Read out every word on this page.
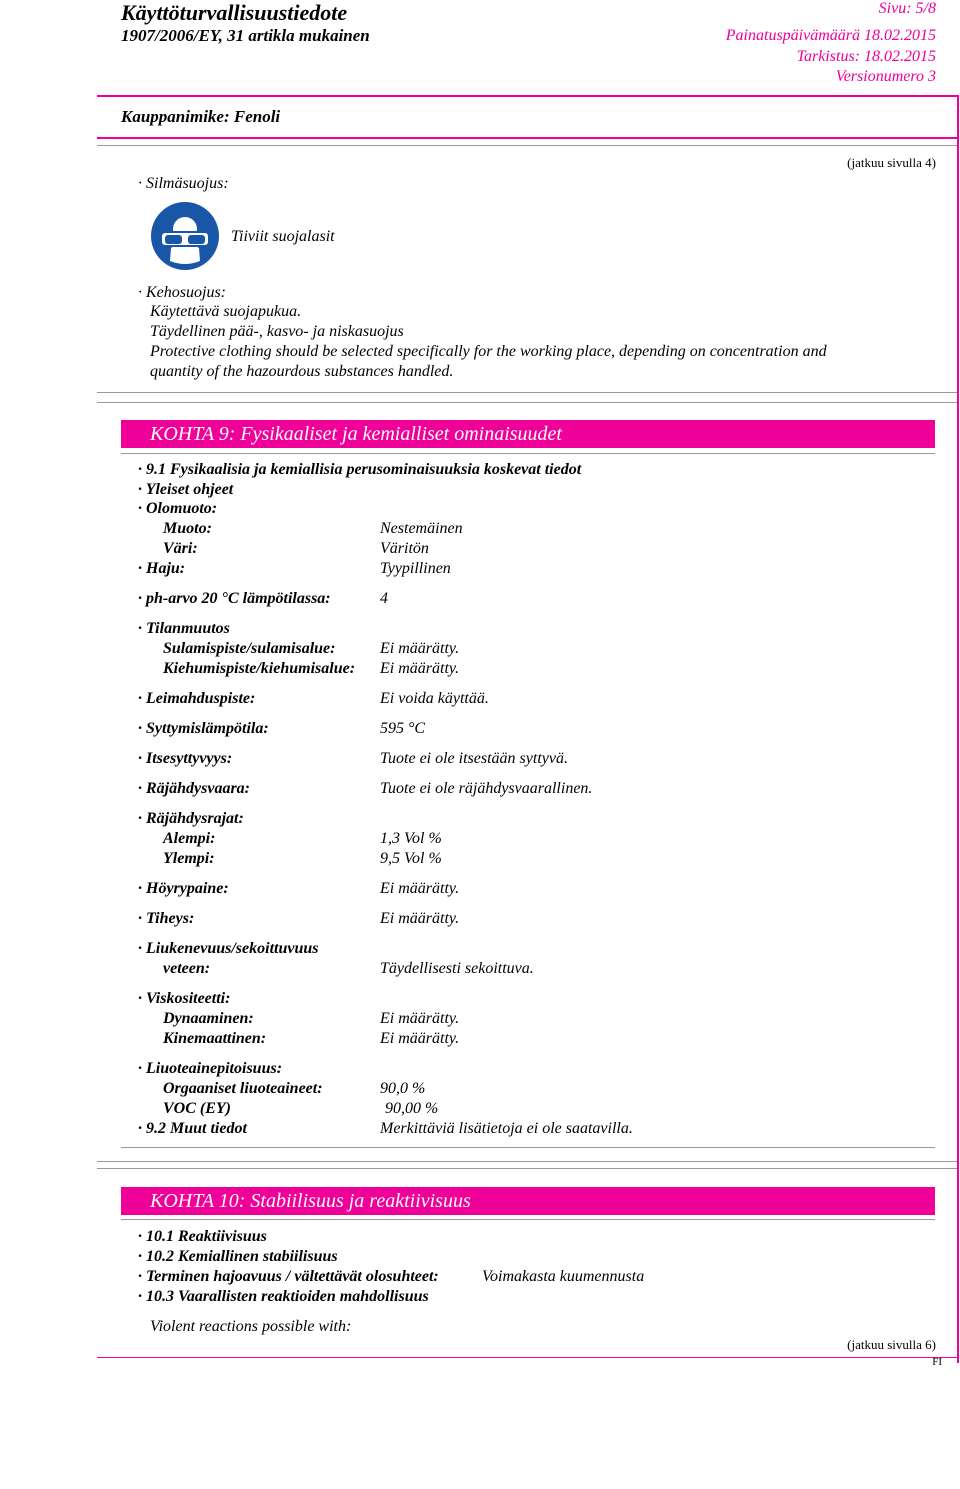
Käyttöturvallisuustiedote
1907/2006/EY, 31 artikla mukainen
Sivu: 5/8
Painatuspäivämäärä 18.02.2015
Tarkistus: 18.02.2015
Versionumero 3
Kauppanimike: Fenoli
(jatkuu sivulla 4)
· Silmäsuojus:
Tiiviit suojalasit
· Kehosuojus:
Käytettävä suojapukua.
Täydellinen pää-, kasvo- ja niskasuojus
Protective clothing should be selected specifically for the working place, depending on concentration and
quantity of the hazourdous substances handled.
KOHTA 9: Fysikaaliset ja kemialliset ominaisuudet
· 9.1 Fysikaalisia ja kemiallisia perusominaisuuksia koskevat tiedot
· Yleiset ohjeet
· Olomuoto:
Muoto:	Nestemäinen
Väri:	Väritön
· Haju:	Tyypillinen
· ph-arvo 20 °C lämpötilassa:	4
· Tilanmuutos
Sulamispiste/sulamisalue:	Ei määrätty.
Kiehumispiste/kiehumisalue: Ei määrätty.
· Leimahduspiste:	Ei voida käyttää.
· Syttymislämpötila:	595 °C
· Itsesyttyvyys:	Tuote ei ole itsestään syttyvä.
· Räjähdysvaara:	Tuote ei ole räjähdysvaarallinen.
· Räjähdysrajat:
Alempi:	1,3 Vol %
Ylempi:	9,5 Vol %
· Höyrypaine:	Ei määrätty.
· Tiheys:	Ei määrätty.
· Liukenevuus/sekoittuvuus
veteen:	Täydellisesti sekoittuva.
· Viskositeetti:
Dynaaminen:	Ei määrätty.
Kinemaattinen:	Ei määrätty.
· Liuoteainepitoisuus:
Orgaaniset liuoteaineet:	90,0 %
VOC (EY)	90,00 %
· 9.2 Muut tiedot	Merkittäviä lisätietoja ei ole saatavilla.
KOHTA 10: Stabiilisuus ja reaktiivisuus
· 10.1 Reaktiivisuus
· 10.2 Kemiallinen stabiilisuus
· Terminen hajoavuus / vältettävät olosuhteet:	Voimakasta kuumennusta
· 10.3 Vaarallisten reaktioiden mahdollisuus
Violent reactions possible with:
(jatkuu sivulla 6)
FI
